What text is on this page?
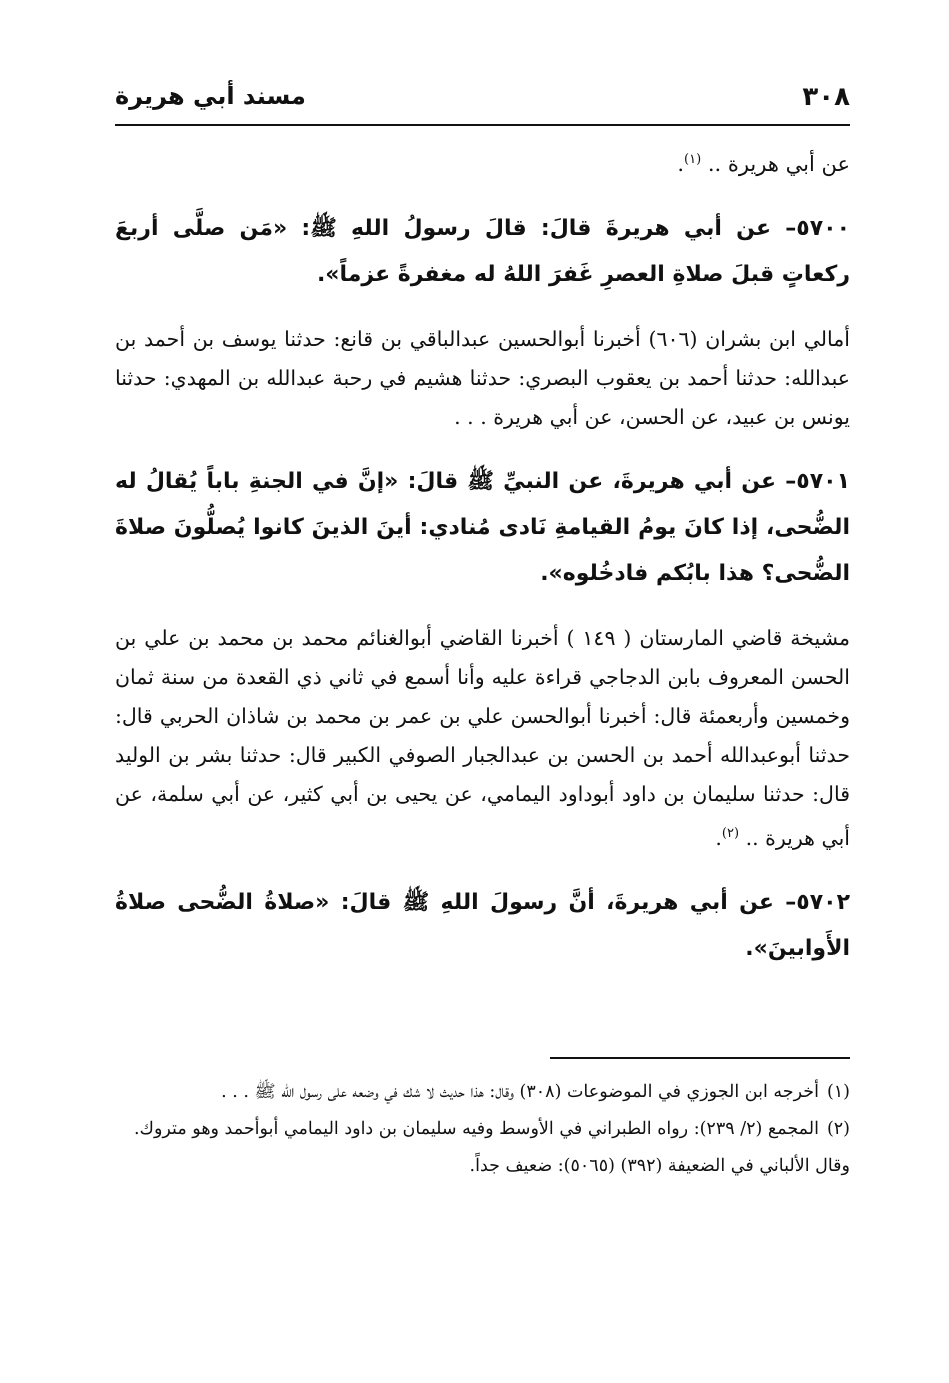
٣٠٨
مسند أبي هريرة

عن أبي هريرة .. $^{(١)}$.

٥٧٠٠– عن أبي هريرةَ قالَ: قالَ رسولُ اللهِ ﷺ: «مَن صلَّى أربعَ ركعاتٍ قبلَ صلاةِ العصرِ غَفرَ اللهُ له مغفرةً عزماً».

أمالي ابن بشران (٦٠٦) أخبرنا أبوالحسين عبدالباقي بن قانع: حدثنا يوسف بن أحمد بن عبدالله: حدثنا أحمد بن يعقوب البصري: حدثنا هشيم في رحبة عبدالله بن المهدي: حدثنا يونس بن عبيد، عن الحسن، عن أبي هريرة . . .

٥٧٠١– عن أبي هريرةَ، عن النبيِّ ﷺ قالَ: «إنَّ في الجنةِ باباً يُقالُ له الضُّحى، إذا كانَ يومُ القيامةِ نَادى مُنادي: أينَ الذينَ كانوا يُصلُّونَ صلاةَ الضُّحى؟ هذا بابُكم فادخُلوه».

مشيخة قاضي المارستان ( ١٤٩ ) أخبرنا القاضي أبوالغنائم محمد بن محمد بن علي بن الحسن المعروف بابن الدجاجي قراءة عليه وأنا أسمع في ثاني ذي القعدة من سنة ثمان وخمسين وأربعمئة قال: أخبرنا أبوالحسن علي بن عمر بن محمد بن شاذان الحربي قال: حدثنا أبوعبدالله أحمد بن الحسن بن عبدالجبار الصوفي الكبير قال: حدثنا بشر بن الوليد قال: حدثنا سليمان بن داود أبوداود اليمامي، عن يحيى بن أبي كثير، عن أبي سلمة، عن أبي هريرة .. $^{(٢)}$.

٥٧٠٢– عن أبي هريرةَ، أنَّ رسولَ اللهِ ﷺ قالَ: «صلاةُ الضُّحى صلاةُ الأَوابينَ».

(١)أخرجه ابن الجوزي في الموضوعات (٣٠٨) وقال: هذا حديث لا شك في وضعه على رسول الله ﷺ . . .

(٢)المجمع (٢/ ٢٣٩): رواه الطبراني في الأوسط وفيه سليمان بن داود اليمامي أبوأحمد وهو متروك.

وقال الألباني في الضعيفة (٣٩٢) (٥٠٦٥): ضعيف جداً.
